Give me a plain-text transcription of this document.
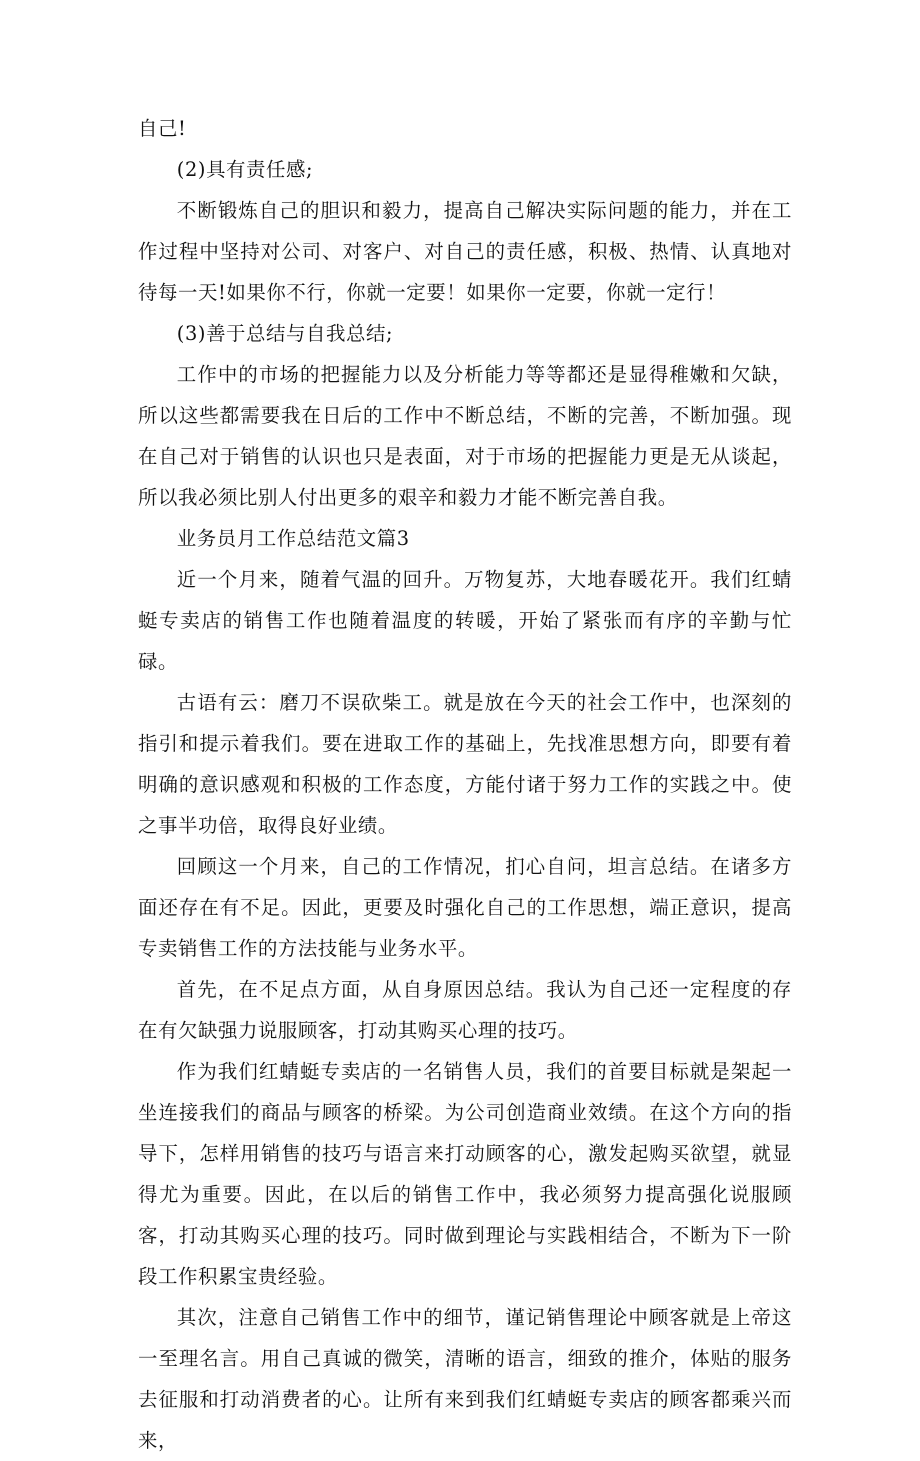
自己!

(2)具有责任感;

不断锻炼自己的胆识和毅力，提高自己解决实际问题的能力，并在工作过程中坚持对公司、对客户、对自己的责任感，积极、热情、认真地对待每一天!如果你不行，你就一定要！如果你一定要，你就一定行！

(3)善于总结与自我总结;

工作中的市场的把握能力以及分析能力等等都还是显得稚嫩和欠缺，所以这些都需要我在日后的工作中不断总结，不断的完善，不断加强。现在自己对于销售的认识也只是表面，对于市场的把握能力更是无从谈起，所以我必须比别人付出更多的艰辛和毅力才能不断完善自我。

业务员月工作总结范文篇3

近一个月来，随着气温的回升。万物复苏，大地春暖花开。我们红蜻蜓专卖店的销售工作也随着温度的转暖，开始了紧张而有序的辛勤与忙碌。

古语有云：磨刀不误砍柴工。就是放在今天的社会工作中，也深刻的指引和提示着我们。要在进取工作的基础上，先找准思想方向，即要有着明确的意识感观和积极的工作态度，方能付诸于努力工作的实践之中。使之事半功倍，取得良好业绩。

回顾这一个月来，自己的工作情况，扪心自问，坦言总结。在诸多方面还存在有不足。因此，更要及时强化自己的工作思想，端正意识，提高专卖销售工作的方法技能与业务水平。

首先，在不足点方面，从自身原因总结。我认为自己还一定程度的存在有欠缺强力说服顾客，打动其购买心理的技巧。

作为我们红蜻蜓专卖店的一名销售人员，我们的首要目标就是架起一坐连接我们的商品与顾客的桥梁。为公司创造商业效绩。在这个方向的指导下，怎样用销售的技巧与语言来打动顾客的心，激发起购买欲望，就显得尤为重要。因此，在以后的销售工作中，我必须努力提高强化说服顾客，打动其购买心理的技巧。同时做到理论与实践相结合，不断为下一阶段工作积累宝贵经验。

其次，注意自己销售工作中的细节，谨记销售理论中顾客就是上帝这一至理名言。用自己真诚的微笑，清晰的语言，细致的推介，体贴的服务去征服和打动消费者的心。让所有来到我们红蜻蜓专卖店的顾客都乘兴而来，
